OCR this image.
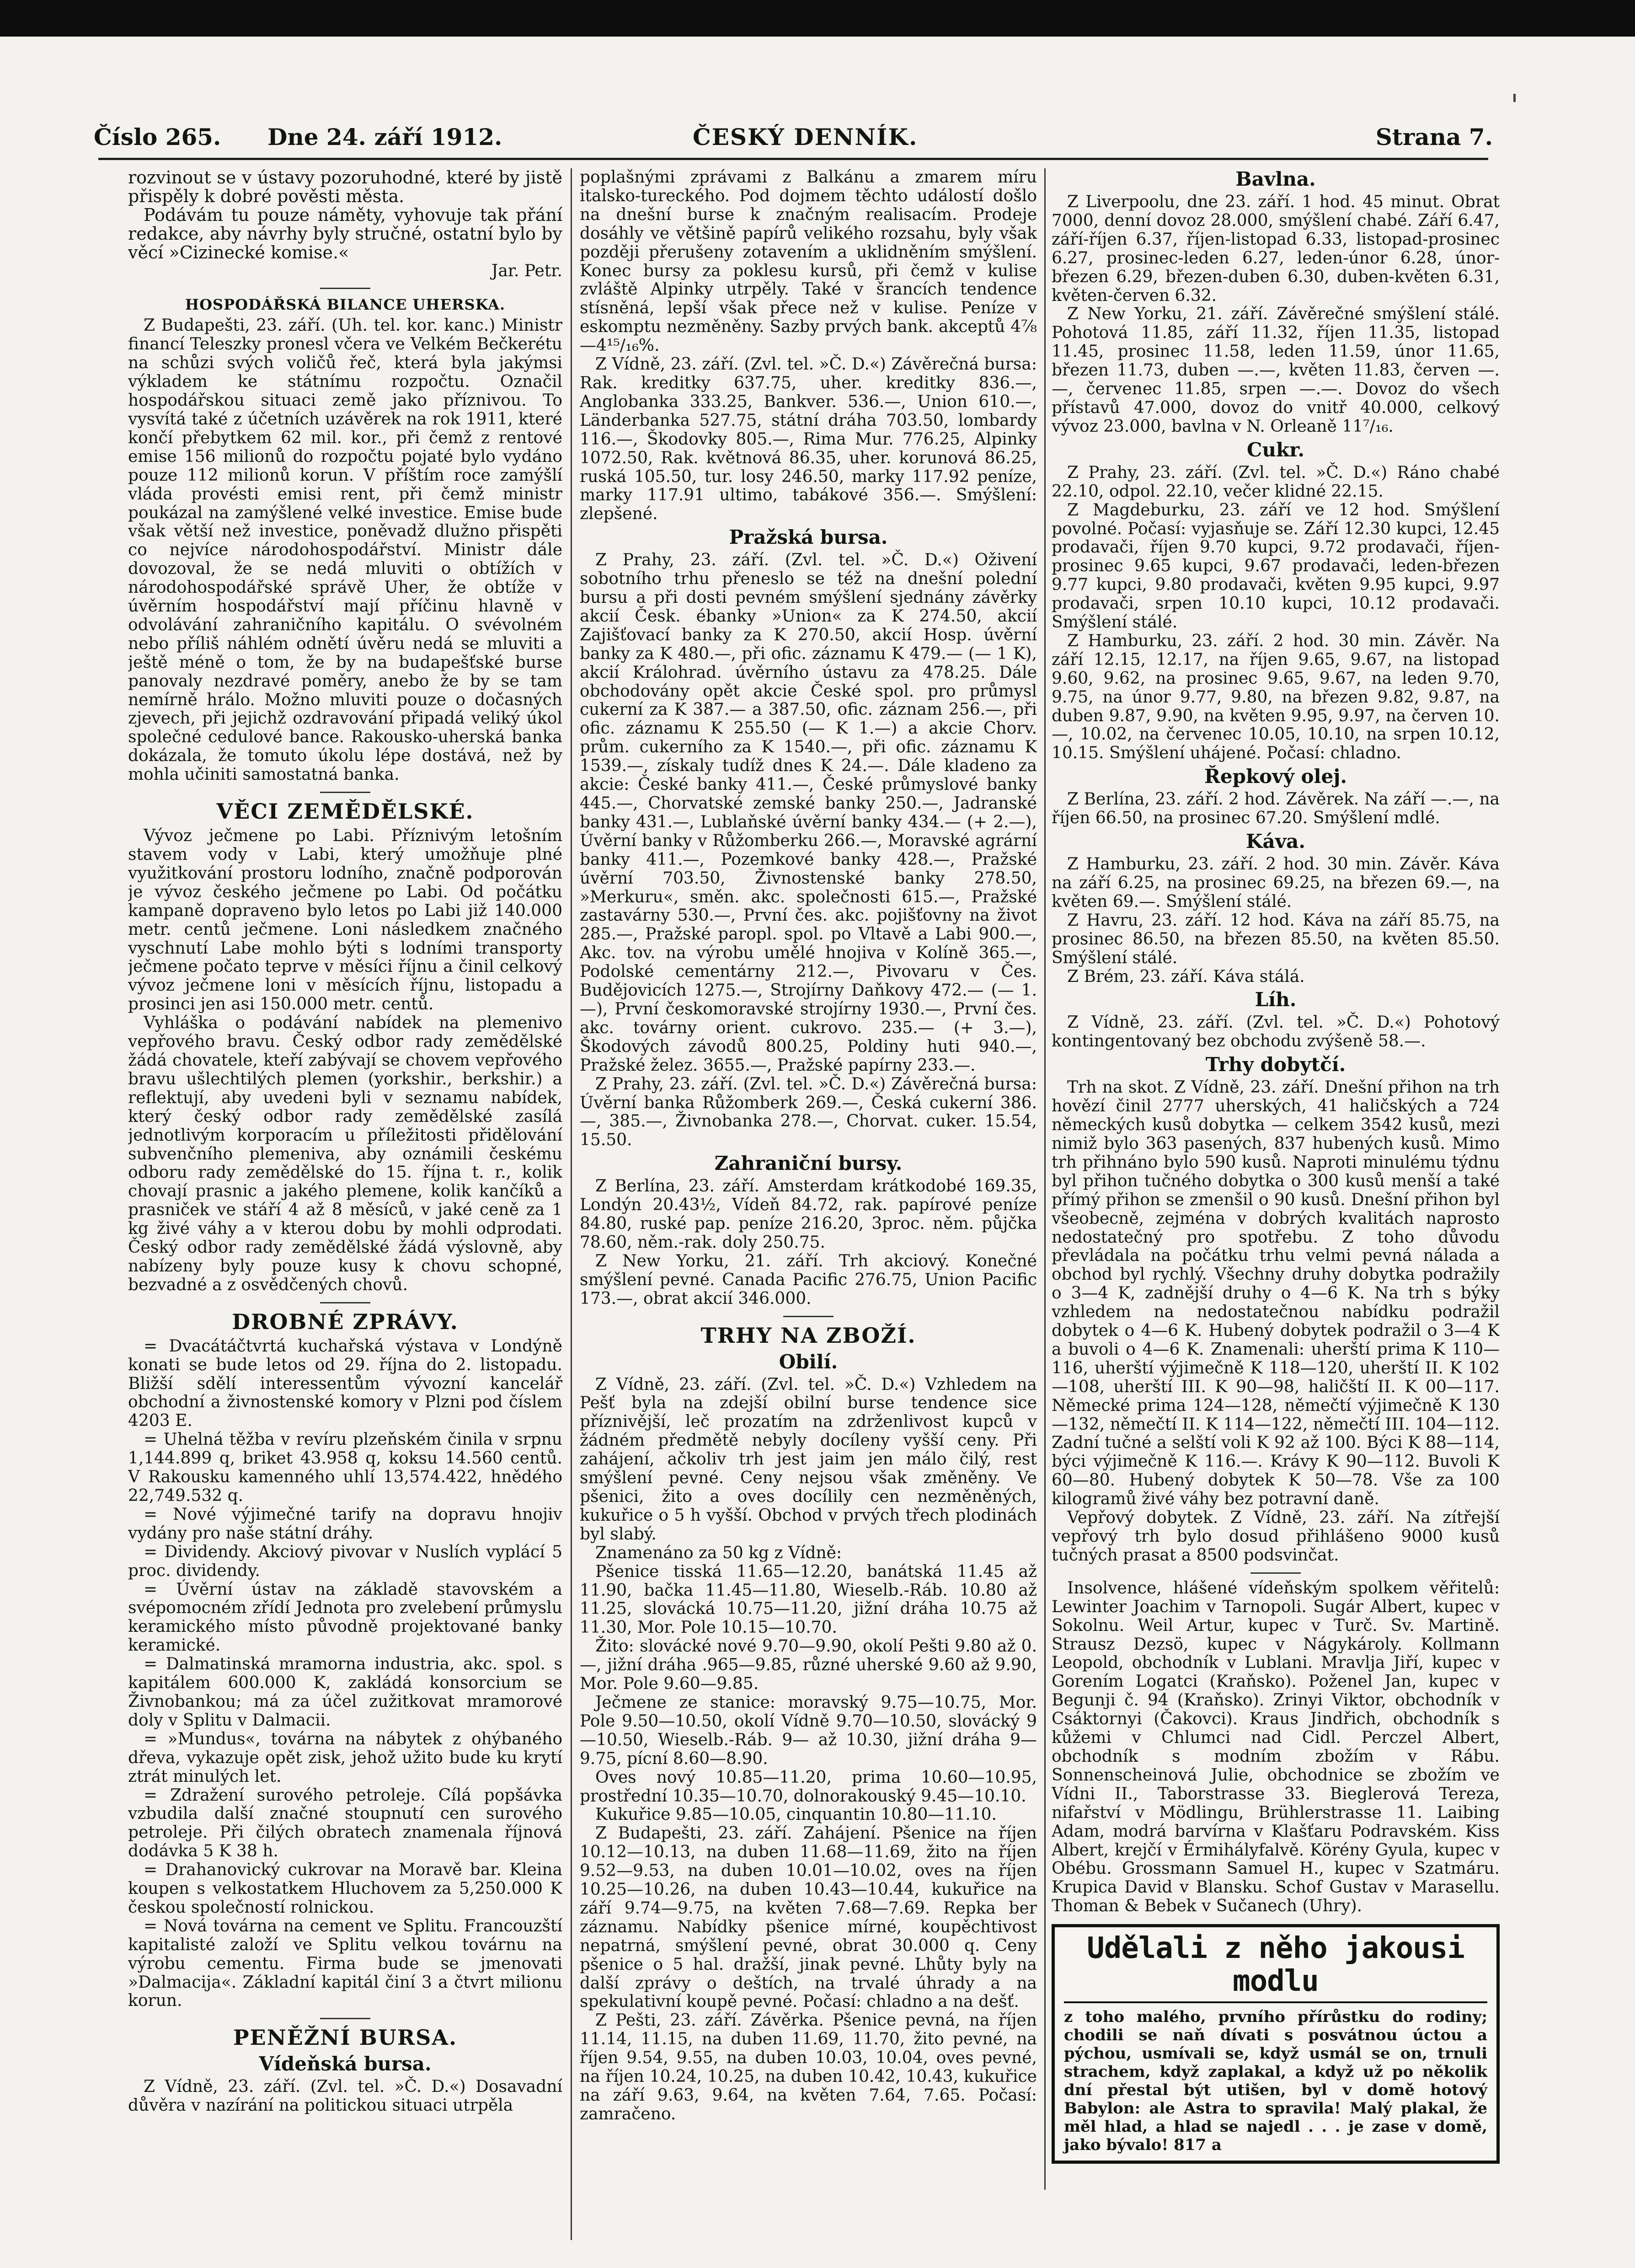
Číslo 265. Dne 24. září 1912.	ČESKÝ DENNÍK.	Strana 7.

rozvinout se v ústavy pozoruhodné, které by jistě přispěly k dobré pověsti města.

Podávám tu pouze náměty, vyhovuje tak přání redakce, aby návrhy byly stručné, ostatní bylo by věcí »Cizinecké komise.«

Jar. Petr.

HOSPODÁŘSKÁ BILANCE UHERSKA.

Z Budapešti, 23. září. (Uh. tel. kor. kanc.) Ministr financí Teleszky pronesl včera ve Velkém Bečkerétu na schůzi svých voličů řeč, která byla jakýmsi výkladem ke státnímu rozpočtu. Označil hospodářskou situaci země jako příznivou. To vysvítá také z účetních uzávěrek na rok 1911, které končí přebytkem 62 mil. kor., při čemž z rentové emise 156 milionů do rozpočtu pojaté bylo vydáno pouze 112 milionů korun. V příštím roce zamýšlí vláda provésti emisi rent, při čemž ministr poukázal na zamýšlené velké investice. Emise bude však větší než investice, poněvadž dlužno přispěti co nejvíce národohospodářství. Ministr dále dovozoval, že se nedá mluviti o obtížích v národohospodářské správě Uher, že obtíže v úvěrním hospodářství mají příčinu hlavně v odvolávání zahraničního kapitálu. O svévolném nebo příliš náhlém odnětí úvěru nedá se mluviti a ještě méně o tom, že by na budapešťské burse panovaly nezdravé poměry, anebo že by se tam nemírně hrálo. Možno mluviti pouze o dočasných zjevech, při jejichž ozdravování připadá veliký úkol společné cedulové bance. Rakousko-uherská banka dokázala, že tomuto úkolu lépe dostává, než by mohla učiniti samostatná banka.

VĚCI ZEMĚDĚLSKÉ.

Vývoz ječmene po Labi. Příznivým letošním stavem vody v Labi, který umožňuje plné využitkování prostoru lodního, značně podporován je vývoz českého ječmene po Labi. Od počátku kampaně dopraveno bylo letos po Labi již 140.000 metr. centů ječmene. Loni následkem značného vyschnutí Labe mohlo býti s lodními transporty ječmene počato teprve v měsíci říjnu a činil celkový vývoz ječmene loni v měsících říjnu, listopadu a prosinci jen asi 150.000 metr. centů.

Vyhláška o podávání nabídek na plemenivo vepřového bravu. Český odbor rady zemědělské žádá chovatele, kteří zabývají se chovem vepřového bravu ušlechtilých plemen (yorkshir., berkshir.) a reflektují, aby uvedeni byli v seznamu nabídek, který český odbor rady zemědělské zasílá jednotlivým korporacím u příležitosti přidělování subvenčního plemeniva, aby oznámili českému odboru rady zemědělské do 15. října t. r., kolik chovají prasnic a jakého plemene, kolik kančíků a prasniček ve stáří 4 až 8 měsíců, v jaké ceně za 1 kg živé váhy a v kterou dobu by mohli odprodati. Český odbor rady zemědělské žádá výslovně, aby nabízeny byly pouze kusy k chovu schopné, bezvadné a z osvědčených chovů.

DROBNÉ ZPRÁVY.

= Dvacátáčtvrtá kuchařská výstava v Londýně konati se bude letos od 29. října do 2. listopadu. Bližší sdělí interessentům vývozní kancelář obchodní a živnostenské komory v Plzni pod číslem 4203 E.

= Uhelná těžba v revíru plzeňském činila v srpnu 1,144.899 q, briket 43.958 q, koksu 14.560 centů. V Rakousku kamenného uhlí 13,574.422, hnědého 22,749.532 q.

= Nové výjimečné tarify na dopravu hnojiv vydány pro naše státní dráhy.

= Dividendy. Akciový pivovar v Nuslích vyplácí 5 proc. dividendy.

= Úvěrní ústav na základě stavovském a svépomocném zřídí Jednota pro zvelebení průmyslu keramického místo původně projektované banky keramické.

= Dalmatinská mramorna industria, akc. spol. s kapitálem 600.000 K, zakládá konsorcium se Živnobankou; má za účel zužitkovat mramorové doly v Splitu v Dalmacii.

= »Mundus«, továrna na nábytek z ohýbaného dřeva, vykazuje opět zisk, jehož užito bude ku krytí ztrát minulých let.

= Zdražení surového petroleje. Cílá popšávka vzbudila další značné stoupnutí cen surového petroleje. Při čilých obratech znamenala říjnová dodávka 5 K 38 h.

= Drahanovický cukrovar na Moravě bar. Kleina koupen s velkostatkem Hluchovem za 5,250.000 K českou společností rolnickou.

= Nová továrna na cement ve Splitu. Francouzští kapitalisté založí ve Splitu velkou továrnu na výrobu cementu. Firma bude se jmenovati »Dalmacija«. Základní kapitál činí 3 a čtvrt milionu korun.

PENĚŽNÍ BURSA.
Vídeňská bursa.

Z Vídně, 23. září. (Zvl. tel. »Č. D.«) Dosavadní důvěra v nazírání na politickou situaci utrpěla

poplašnými zprávami z Balkánu a zmarem míru italsko-tureckého. Pod dojmem těchto událostí došlo na dnešní burse k značným realisacím. Prodeje dosáhly ve většině papírů velikého rozsahu, byly však později přerušeny zotavením a uklidněním smýšlení. Konec bursy za poklesu kursů, při čemž v kulise zvláště Alpinky utrpěly. Také v šrancích tendence stísněná, lepší však přece než v kulise. Peníze v eskomptu nezměněny. Sazby prvých bank. akceptů 4⅞—4¹⁵/₁₆%.

Z Vídně, 23. září. (Zvl. tel. »Č. D.«) Závěrečná bursa: Rak. kreditky 637.75, uher. kreditky 836.—, Anglobanka 333.25, Bankver. 536.—, Union 610.—, Länderbanka 527.75, státní dráha 703.50, lombardy 116.—, Škodovky 805.—, Rima Mur. 776.25, Alpinky 1072.50, Rak. květnová 86.35, uher. korunová 86.25, ruská 105.50, tur. losy 246.50, marky 117.92 peníze, marky 117.91 ultimo, tabákové 356.—. Smýšlení: zlepšené.

Pražská bursa.

Z Prahy, 23. září. (Zvl. tel. »Č. D.«) Oživení sobotního trhu přeneslo se též na dnešní polední bursu a při dosti pevném smýšlení sjednány závěrky akcií Česk. ébanky »Union« za K 274.50, akcií Zajišťovací banky za K 270.50, akcií Hosp. úvěrní banky za K 480.—, při ofic. záznamu K 479.— (— 1 K), akcií Králohrad. úvěrního ústavu za 478.25. Dále obchodovány opět akcie České spol. pro průmysl cukerní za K 387.— a 387.50, ofic. záznam 256.—, při ofic. záznamu K 255.50 (— K 1.—) a akcie Chorv. prům. cukerního za K 1540.—, při ofic. záznamu K 1539.—, získaly tudíž dnes K 24.—. Dále kladeno za akcie: České banky 411.—, České průmyslové banky 445.—, Chorvatské zemské banky 250.—, Jadranské banky 431.—, Lublaňské úvěrní banky 434.— (+ 2.—), Úvěrní banky v Růžomberku 266.—, Moravské agrární banky 411.—, Pozemkové banky 428.—, Pražské úvěrní 703.50, Živnostenské banky 278.50, »Merkuru«, směn. akc. společnosti 615.—, Pražské zastavárny 530.—, První čes. akc. pojišťovny na život 285.—, Pražské paropl. spol. po Vltavě a Labi 900.—, Akc. tov. na výrobu umělé hnojiva v Kolíně 365.—, Podolské cementárny 212.—, Pivovaru v Čes. Budějovicích 1275.—, Strojírny Daňkovy 472.— (— 1.—), První českomoravské strojírny 1930.—, První čes. akc. továrny orient. cukrovo. 235.— (+ 3.—), Škodových závodů 800.25, Poldiny huti 940.—, Pražské želez. 3655.—, Pražské papírny 233.—.

Z Prahy, 23. září. (Zvl. tel. »Č. D.«) Závěrečná bursa: Úvěrní banka Růžomberk 269.—, Česká cukerní 386.—, 385.—, Živnobanka 278.—, Chorvat. cuker. 15.54, 15.50.

Zahraniční bursy.

Z Berlína, 23. září. Amsterdam krátkodobé 169.35, Londýn 20.43½, Vídeň 84.72, rak. papírové peníze 84.80, ruské pap. peníze 216.20, 3proc. něm. půjčka 78.60, něm.-rak. doly 250.75.

Z New Yorku, 21. září. Trh akciový. Konečné smýšlení pevné. Canada Pacific 276.75, Union Pacific 173.—, obrat akcií 346.000.

TRHY NA ZBOŽÍ.
Obilí.

Z Vídně, 23. září. (Zvl. tel. »Č. D.«) Vzhledem na Pešť byla na zdejší obilní burse tendence sice příznivější, leč prozatím na zdrženlivost kupců v žádném předmětě nebyly docíleny vyšší ceny. Při zahájení, ačkoliv trh jest jaim jen málo čilý, rest smýšlení pevné. Ceny nejsou však změněny. Ve pšenici, žito a oves docílily cen nezměněných, kukuřice o 5 h vyšší. Obchod v prvých třech plodinách byl slabý.

Znamenáno za 50 kg z Vídně:

Pšenice tisská 11.65—12.20, banátská 11.45 až 11.90, bačka 11.45—11.80, Wieselb.-Ráb. 10.80 až 11.25, slovácká 10.75—11.20, jižní dráha 10.75 až 11.30, Mor. Pole 10.15—10.70.

Žito: slovácké nové 9.70—9.90, okolí Pešti 9.80 až 0.—, jižní dráha .965—9.85, různé uherské 9.60 až 9.90, Mor. Pole 9.60—9.85.

Ječmene ze stanice: moravský 9.75—10.75, Mor. Pole 9.50—10.50, okolí Vídně 9.70—10.50, slovácký 9—10.50, Wieselb.-Ráb. 9— až 10.30, jižní dráha 9—9.75, pícní 8.60—8.90.

Oves nový 10.85—11.20, prima 10.60—10.95, prostřední 10.35—10.70, dolnorakouský 9.45—10.10.

Kukuřice 9.85—10.05, cinquantin 10.80—11.10.

Z Budapešti, 23. září. Zahájení. Pšenice na říjen 10.12—10.13, na duben 11.68—11.69, žito na říjen 9.52—9.53, na duben 10.01—10.02, oves na říjen 10.25—10.26, na duben 10.43—10.44, kukuřice na září 9.74—9.75, na květen 7.68—7.69. Repka ber záznamu. Nabídky pšenice mírné, koupěchtivost nepatrná, smýšlení pevné, obrat 30.000 q. Ceny pšenice o 5 hal. dražší, jinak pevné. Lhůty byly na další zprávy o deštích, na trvalé úhrady a na spekulativní koupě pevné. Počasí: chladno a na dešť.

Z Pešti, 23. září. Závěrka. Pšenice pevná, na říjen 11.14, 11.15, na duben 11.69, 11.70, žito pevné, na říjen 9.54, 9.55, na duben 10.03, 10.04, oves pevné, na říjen 10.24, 10.25, na duben 10.42, 10.43, kukuřice na září 9.63, 9.64, na květen 7.64, 7.65. Počasí: zamračeno.

Bavlna.

Z Liverpoolu, dne 23. září. 1 hod. 45 minut. Obrat 7000, denní dovoz 28.000, smýšlení chabé. Září 6.47, září-říjen 6.37, říjen-listopad 6.33, listopad-prosinec 6.27, prosinec-leden 6.27, leden-únor 6.28, únor-březen 6.29, březen-duben 6.30, duben-květen 6.31, květen-červen 6.32.

Z New Yorku, 21. září. Závěrečné smýšlení stálé. Pohotová 11.85, září 11.32, říjen 11.35, listopad 11.45, prosinec 11.58, leden 11.59, únor 11.65, březen 11.73, duben —.—, květen 11.83, červen —.—, červenec 11.85, srpen —.—. Dovoz do všech přístavů 47.000, dovoz do vnitř 40.000, celkový vývoz 23.000, bavlna v N. Orleaně 11⁷/₁₆.

Cukr.

Z Prahy, 23. září. (Zvl. tel. »Č. D.«) Ráno chabé 22.10, odpol. 22.10, večer klidné 22.15.

Z Magdeburku, 23. září ve 12 hod. Smýšlení povolné. Počasí: vyjasňuje se. Září 12.30 kupci, 12.45 prodavači, říjen 9.70 kupci, 9.72 prodavači, říjen-prosinec 9.65 kupci, 9.67 prodavači, leden-březen 9.77 kupci, 9.80 prodavači, květen 9.95 kupci, 9.97 prodavači, srpen 10.10 kupci, 10.12 prodavači. Smýšlení stálé.

Z Hamburku, 23. září. 2 hod. 30 min. Závěr. Na září 12.15, 12.17, na říjen 9.65, 9.67, na listopad 9.60, 9.62, na prosinec 9.65, 9.67, na leden 9.70, 9.75, na únor 9.77, 9.80, na březen 9.82, 9.87, na duben 9.87, 9.90, na květen 9.95, 9.97, na červen 10.—, 10.02, na červenec 10.05, 10.10, na srpen 10.12, 10.15. Smýšlení uhájené. Počasí: chladno.

Řepkový olej.

Z Berlína, 23. září. 2 hod. Závěrek. Na září —.—, na říjen 66.50, na prosinec 67.20. Smýšlení mdlé.

Káva.

Z Hamburku, 23. září. 2 hod. 30 min. Závěr. Káva na září 6.25, na prosinec 69.25, na březen 69.—, na květen 69.—. Smýšlení stálé.

Z Havru, 23. září. 12 hod. Káva na září 85.75, na prosinec 86.50, na březen 85.50, na květen 85.50. Smýšlení stálé.

Z Brém, 23. září. Káva stálá.

Líh.

Z Vídně, 23. září. (Zvl. tel. »Č. D.«) Pohotový kontingentovaný bez obchodu zvýšeně 58.—.

Trhy dobytčí.

Trh na skot. Z Vídně, 23. září. Dnešní přihon na trh hovězí činil 2777 uherských, 41 haličských a 724 německých kusů dobytka — celkem 3542 kusů, mezi nimiž bylo 363 pasených, 837 hubených kusů. Mimo trh přihnáno bylo 590 kusů. Naproti minulému týdnu byl přihon tučného dobytka o 300 kusů menší a také přímý přihon se zmenšil o 90 kusů. Dnešní přihon byl všeobecně, zejména v dobrých kvalitách naprosto nedostatečný pro spotřebu. Z toho důvodu převládala na počátku trhu velmi pevná nálada a obchod byl rychlý. Všechny druhy dobytka podražily o 3—4 K, zadnější druhy o 4—6 K. Na trh s býky vzhledem na nedostatečnou nabídku podražil dobytek o 4—6 K. Hubený dobytek podražil o 3—4 K a buvoli o 4—6 K. Znamenali: uherští prima K 110—116, uherští výjimečně K 118—120, uherští II. K 102—108, uherští III. K 90—98, haličští II. K 00—117. Německé prima 124—128, němečtí výjimečně K 130—132, němečtí II. K 114—122, němečtí III. 104—112. Zadní tučné a selští voli K 92 až 100. Býci K 88—114, býci výjimečně K 116.—. Krávy K 90—112. Buvoli K 60—80. Hubený dobytek K 50—78. Vše za 100 kilogramů živé váhy bez potravní daně.

Vepřový dobytek. Z Vídně, 23. září. Na zítřejší vepřový trh bylo dosud přihlášeno 9000 kusů tučných prasat a 8500 podsvinčat.

Insolvence, hlášené vídeňským spolkem věřitelů: Lewinter Joachim v Tarnopoli. Sugár Albert, kupec v Sokolnu. Weil Artur, kupec v Turč. Sv. Martině. Strausz Dezsö, kupec v Nágykároly. Kollmann Leopold, obchodník v Lublani. Mravlja Jiří, kupec v Gorením Logatci (Kraňsko). Poženel Jan, kupec v Begunji č. 94 (Kraňsko). Zrinyi Viktor, obchodník v Csáktornyi (Čakovci). Kraus Jindřich, obchodník s kůžemi v Chlumci nad Cidl. Perczel Albert, obchodník s modním zbožím v Rábu. Sonnenscheinová Julie, obchodnice se zbožím ve Vídni II., Taborstrasse 33. Bieglerová Tereza, nifařství v Mödlingu, Brühlerstrasse 11. Laibing Adam, modrá barvírna v Klašťaru Podravském. Kiss Albert, krejčí v Érmihályfalvě. Körény Gyula, kupec v Obébu. Grossmann Samuel H., kupec v Szatmáru. Krupica David v Blansku. Schof Gustav v Marasellu. Thoman & Bebek v Sučanech (Uhry).

Udělali z něho jakousi modlu
z toho malého, prvního přírůstku do rodiny; chodili se naň dívati s posvátnou úctou a pýchou, usmívali se, když usmál se on, trnuli strachem, když zaplakal, a když už po několik dní přestal být utišen, byl v domě hotový Babylon: ale Astra to spravila! Malý plakal, že měl hlad, a hlad se najedl . . . je zase v domě, jako bývalo! 817 a
